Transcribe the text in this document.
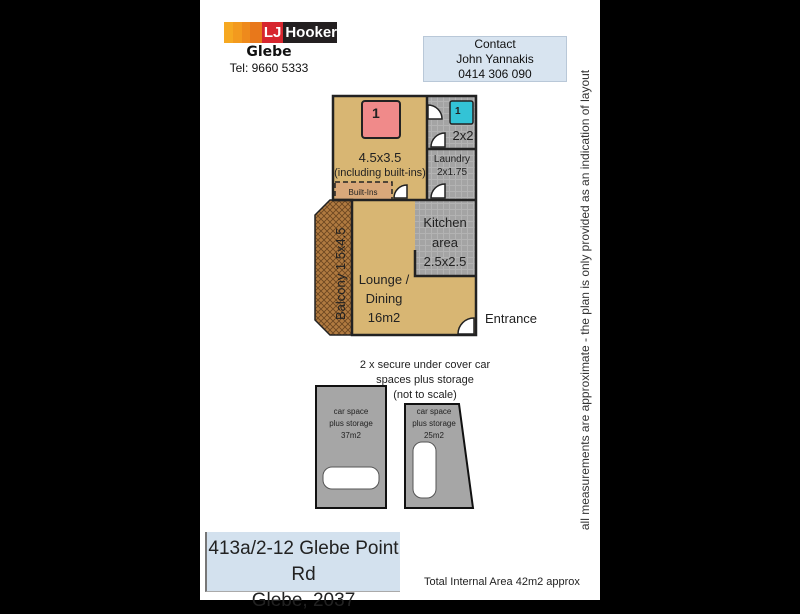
LJ Hooker
Glebe
Tel: 9660 5333
Contact
John Yannakis
0414 306 090
Balcony 1.5x4.5
Built-Ins
1
4.5x3.5
(including built-ins)
1
2x2
Laundry
2x1.75
Kitchen
area
2.5x2.5
Lounge /
Dining
16m2	Entrance
car space
plus storage
37m2
car space
plus storage
25m2
2 x secure under cover car
spaces plus storage
(not to scale)
413a/2-12 Glebe Point Rd
Glebe, 2037
Total Internal Area 42m2 approx
all measurements are approximate - the plan is only provided as an indication of layout
